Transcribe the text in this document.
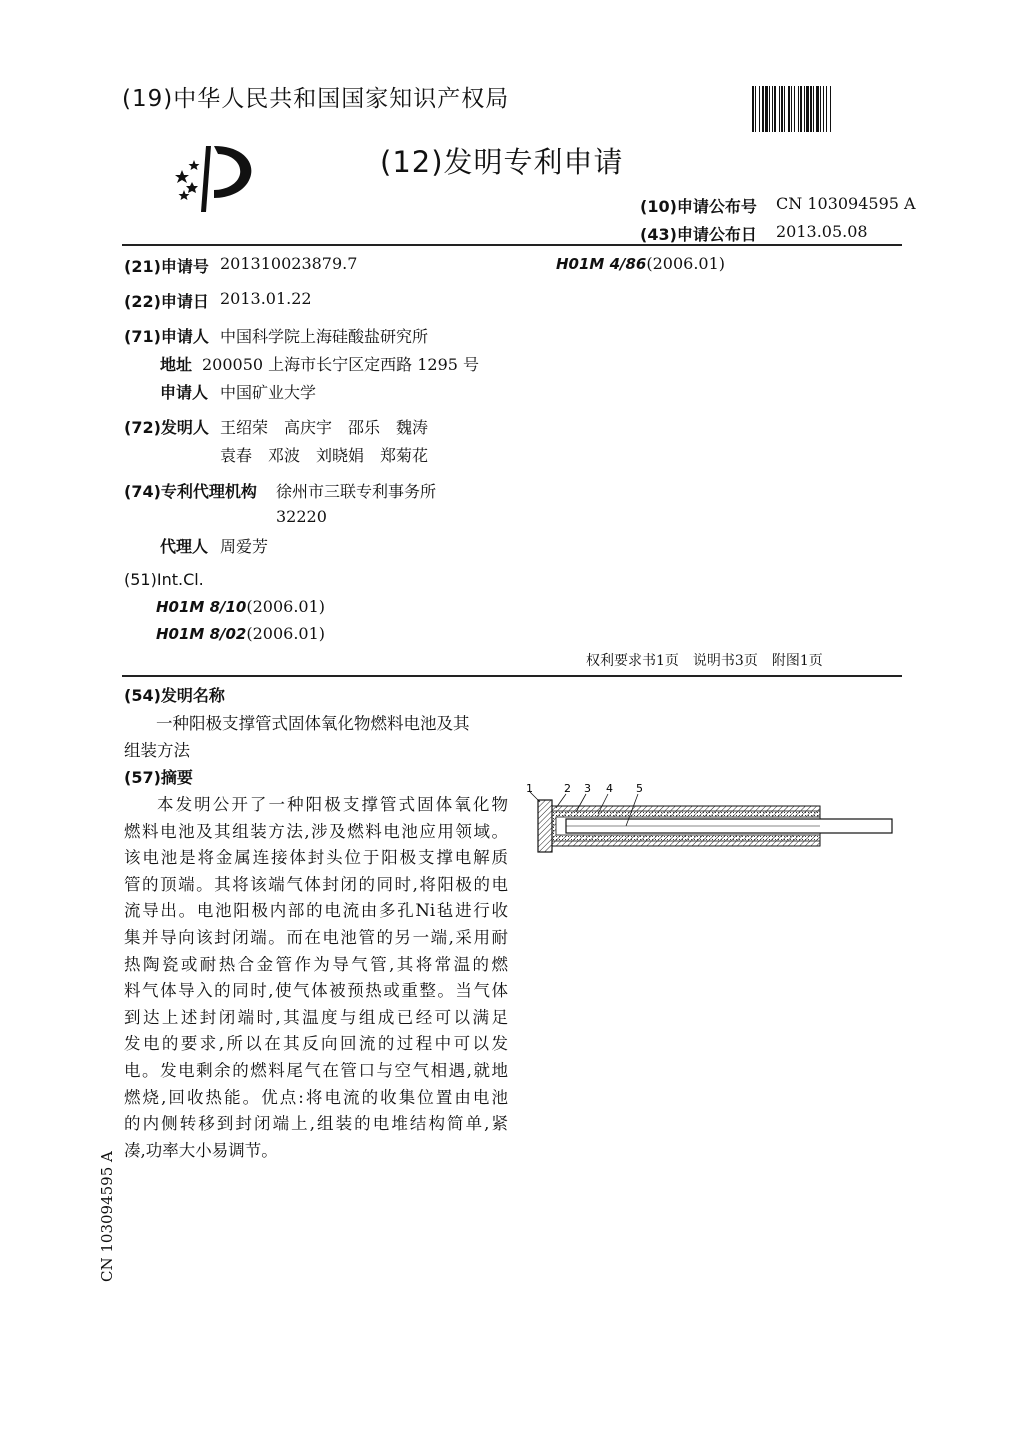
(19)中华人民共和国国家知识产权局
(12)发明专利申请
(10)申请公布号 CN 103094595 A
(43)申请公布日 2013.05.08
(21)申请号 201310023879.7	H01M 4/86(2006.01)
(22)申请日 2013.01.22
(71)申请人 中国科学院上海硅酸盐研究所
地址 200050 上海市长宁区定西路 1295 号
申请人 中国矿业大学
(72)发明人 王绍荣　高庆宇　邵乐　魏涛
袁春　邓波　刘晓娟　郑菊花
(74)专利代理机构 徐州市三联专利事务所
32220
代理人 周爱芳
(51)Int.Cl.
H01M 8/10(2006.01)
H01M 8/02(2006.01)
权利要求书1页　说明书3页　附图1页
(54)发明名称
一种阳极支撑管式固体氧化物燃料电池及其
组装方法
(57)摘要
本发明公开了一种阳极支撑管式固体氧化物
燃料电池及其组装方法,涉及燃料电池应用领域。
该电池是将金属连接体封头位于阳极支撑电解质
管的顶端。其将该端气体封闭的同时,将阳极的电
流导出。电池阳极内部的电流由多孔Ni毡进行收
集并导向该封闭端。而在电池管的另一端,采用耐
热陶瓷或耐热合金管作为导气管,其将常温的燃
料气体导入的同时,使气体被预热或重整。当气体
到达上述封闭端时,其温度与组成已经可以满足
发电的要求,所以在其反向回流的过程中可以发
电。发电剩余的燃料尾气在管口与空气相遇,就地
燃烧,回收热能。优点:将电流的收集位置由电池
的内侧转移到封闭端上,组装的电堆结构简单,紧
凑,功率大小易调节。
1	2 3 4 5
CN 103094595 A
